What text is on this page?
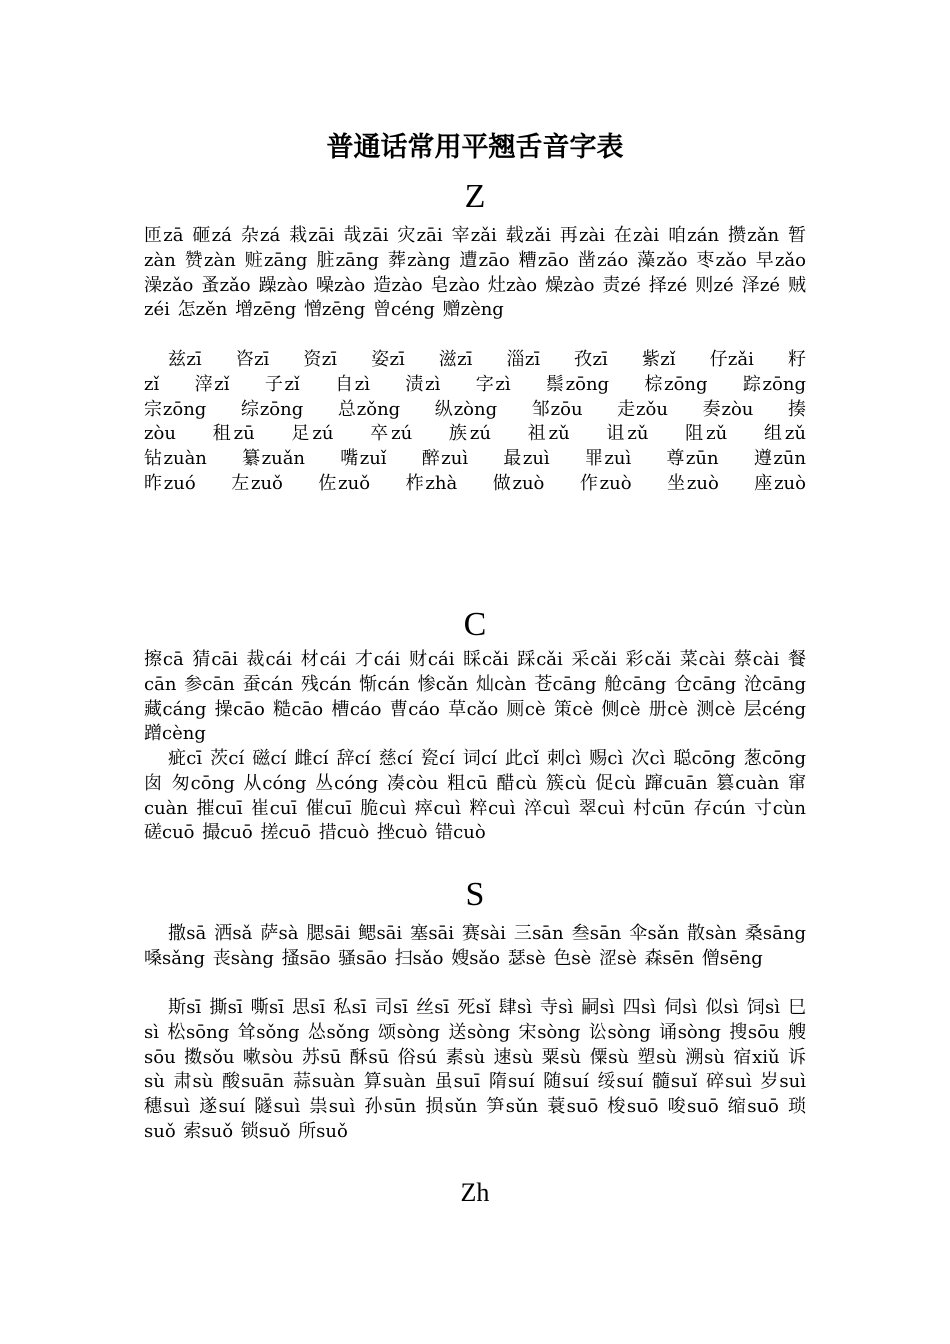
普通话常用平翘舌音字表
Z

匝zā 砸zá 杂zá 栽zāi 哉zāi 灾zāi 宰zǎi 载zǎi 再zài 在zài 咱zán 攒zǎn 暂zàn 赞zàn 赃zāng 脏zāng 葬zàng 遭zāo 糟zāo 凿záo 藻zǎo 枣zǎo 早zǎo 澡zǎo 蚤zǎo 躁zào 噪zào 造zào 皂zào 灶zào 燥zào 责zé 择zé 则zé 泽zé 贼zéi 怎zěn 增zēng 憎zēng 曾céng 赠zèng

兹zī 咨zī 资zī 姿zī 滋zī 淄zī 孜zī 紫zǐ 仔zǎi 籽zǐ 滓zǐ 子zǐ 自zì 渍zì 字zì 鬃zōng 棕zōng 踪zōng 宗zōng 综zōng 总zǒng 纵zòng 邹zōu 走zǒu 奏zòu 揍zòu 租zū 足zú 卒zú 族zú 祖zǔ 诅zǔ 阻zǔ 组zǔ 钻zuàn 纂zuǎn 嘴zuǐ 醉zuì 最zuì 罪zuì 尊zūn 遵zūn 昨zuó 左zuǒ 佐zuǒ 柞zhà 做zuò 作zuò 坐zuò 座zuò

C

擦cā 猜cāi 裁cái 材cái 才cái 财cái 睬cǎi 踩cǎi 采cǎi 彩cǎi 菜cài 蔡cài 餐cān 参cān 蚕cán 残cán 惭cán 惨cǎn 灿càn 苍cāng 舱cāng 仓cāng 沧cāng 藏cáng 操cāo 糙cāo 槽cáo 曹cáo 草cǎo 厕cè 策cè 侧cè 册cè 测cè 层céng 蹭cèng

疵cī 茨cí 磁cí 雌cí 辞cí 慈cí 瓷cí 词cí 此cǐ 刺cì 赐cì 次cì 聪cōng 葱cōng 囱 匆cōng 从cóng 丛cóng 凑còu 粗cū 醋cù 簇cù 促cù 蹿cuān 篡cuàn 窜cuàn 摧cuī 崔cuī 催cuī 脆cuì 瘁cuì 粹cuì 淬cuì 翠cuì 村cūn 存cún 寸cùn 磋cuō 撮cuō 搓cuō 措cuò 挫cuò 错cuò

S

撒sā 洒sǎ 萨sà 腮sāi 鳃sāi 塞sāi 赛sài 三sān 叁sān 伞sǎn 散sàn 桑sāng 嗓sǎng 丧sàng 搔sāo 骚sāo 扫sǎo 嫂sǎo 瑟sè 色sè 涩sè 森sēn 僧sēng

斯sī 撕sī 嘶sī 思sī 私sī 司sī 丝sī 死sǐ 肆sì 寺sì 嗣sì 四sì 伺sì 似sì 饲sì 巳sì 松sōng 耸sǒng 怂sǒng 颂sòng 送sòng 宋sòng 讼sòng 诵sòng 搜sōu 艘sōu 擞sǒu 嗽sòu 苏sū 酥sū 俗sú 素sù 速sù 粟sù 僳sù 塑sù 溯sù 宿xiǔ 诉sù 肃sù 酸suān 蒜suàn 算suàn 虽suī 隋suí 随suí 绥suí 髓suǐ 碎suì 岁suì 穗suì 遂suí 隧suì 祟suì 孙sūn 损sǔn 笋sǔn 蓑suō 梭suō 唆suō 缩suō 琐suǒ 索suǒ 锁suǒ 所suǒ

Zh
